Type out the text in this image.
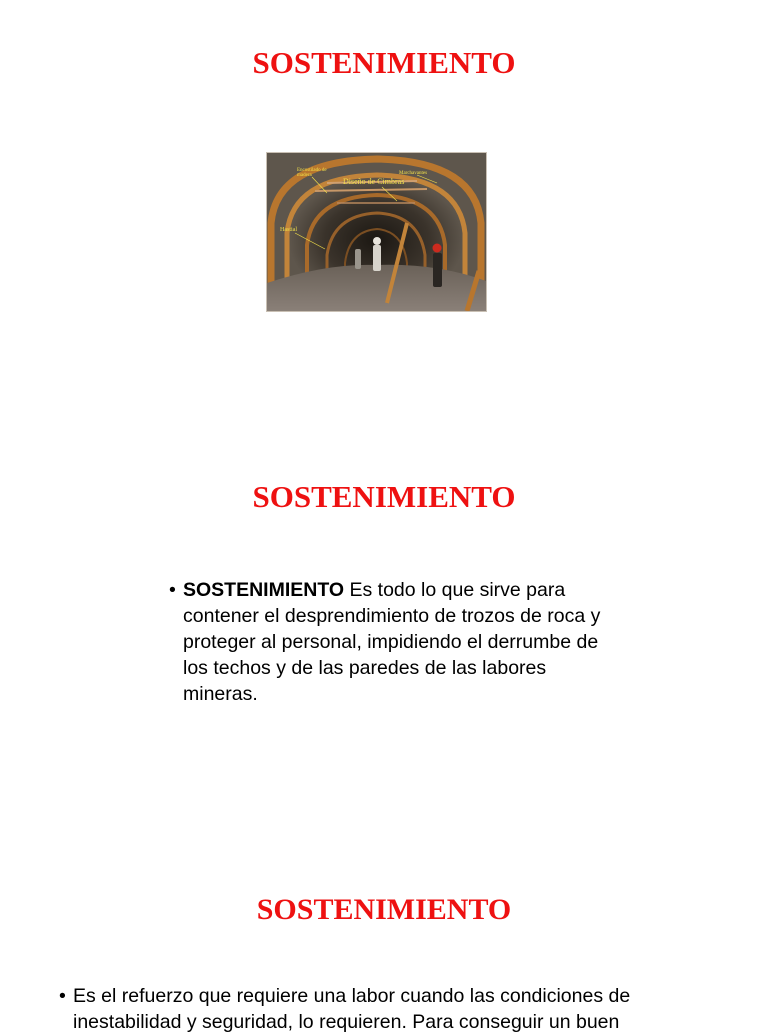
SOSTENIMIENTO
Encostilado de madera
Diseño de Cimbras
Marchavantes
Hastial
SOSTENIMIENTO
• SOSTENIMIENTO Es todo lo que sirve para contener el desprendimiento de trozos de roca y proteger al personal, impidiendo el derrumbe de los techos y de las paredes de las labores mineras.
SOSTENIMIENTO
• Es el refuerzo que requiere una labor cuando las condiciones de inestabilidad y seguridad, lo requieren. Para conseguir un buen
